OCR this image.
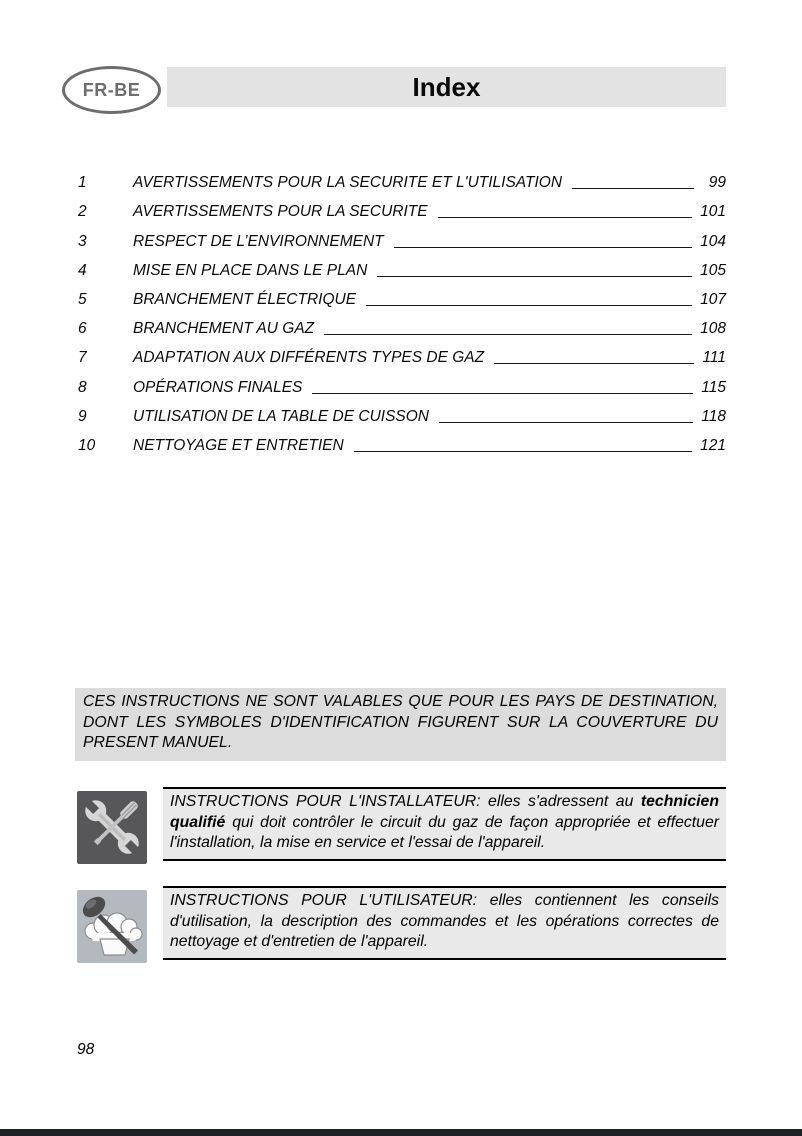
FR-BE	Index
1	AVERTISSEMENTS POUR LA SECURITE ET L'UTILISATION	99
2	AVERTISSEMENTS POUR LA SECURITE	101
3	RESPECT DE L’ENVIRONNEMENT	104
4	MISE EN PLACE DANS LE PLAN	105
5	BRANCHEMENT ÉLECTRIQUE	107
6	BRANCHEMENT AU GAZ	108
7	ADAPTATION AUX DIFFÉRENTS TYPES DE GAZ	111
8	OPÉRATIONS FINALES	115
9	UTILISATION DE LA TABLE DE CUISSON	118
10	NETTOYAGE ET ENTRETIEN	121
CES INSTRUCTIONS NE SONT VALABLES QUE POUR LES PAYS DE DESTINATION, DONT LES SYMBOLES D'IDENTIFICATION FIGURENT SUR LA COUVERTURE DU PRESENT MANUEL.
INSTRUCTIONS POUR L'INSTALLATEUR: elles s'adressent au technicien qualifié qui doit contrôler le circuit du gaz de façon appropriée et effectuer l'installation, la mise en service et l'essai de l'appareil.
INSTRUCTIONS POUR L'UTILISATEUR: elles contiennent les conseils d'utilisation, la description des commandes et les opérations correctes de nettoyage et d'entretien de l'appareil.
98
